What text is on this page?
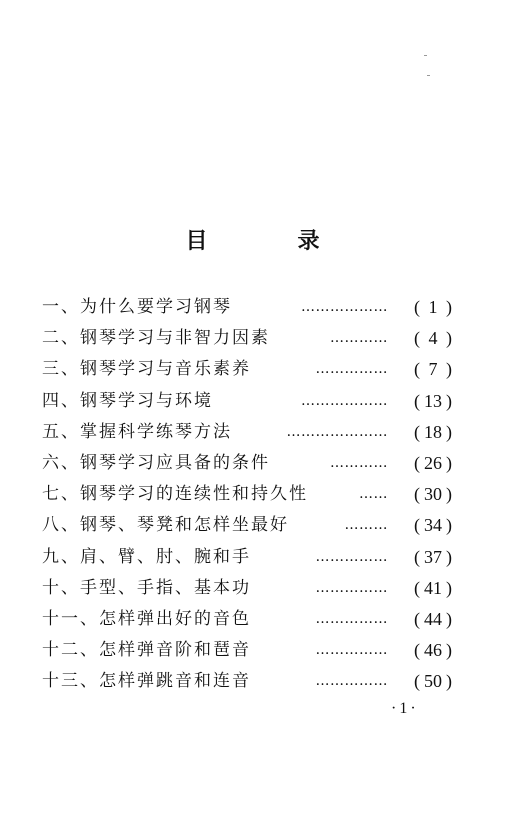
目　录
一、为什么要学习钢琴	………………	( 1 )
二、钢琴学习与非智力因素	…………	( 4 )
三、钢琴学习与音乐素养	……………	( 7 )
四、钢琴学习与环境	………………	( 13 )
五、掌握科学练琴方法	…………………	( 18 )
六、钢琴学习应具备的条件	…………	( 26 )
七、钢琴学习的连续性和持久性	……	( 30 )
八、钢琴、琴凳和怎样坐最好	………	( 34 )
九、肩、臂、肘、腕和手	……………	( 37 )
十、手型、手指、基本功	……………	( 41 )
十一、怎样弹出好的音色	……………	( 44 )
十二、怎样弹音阶和琶音	……………	( 46 )
十三、怎样弹跳音和连音	……………	( 50 )
·1·
